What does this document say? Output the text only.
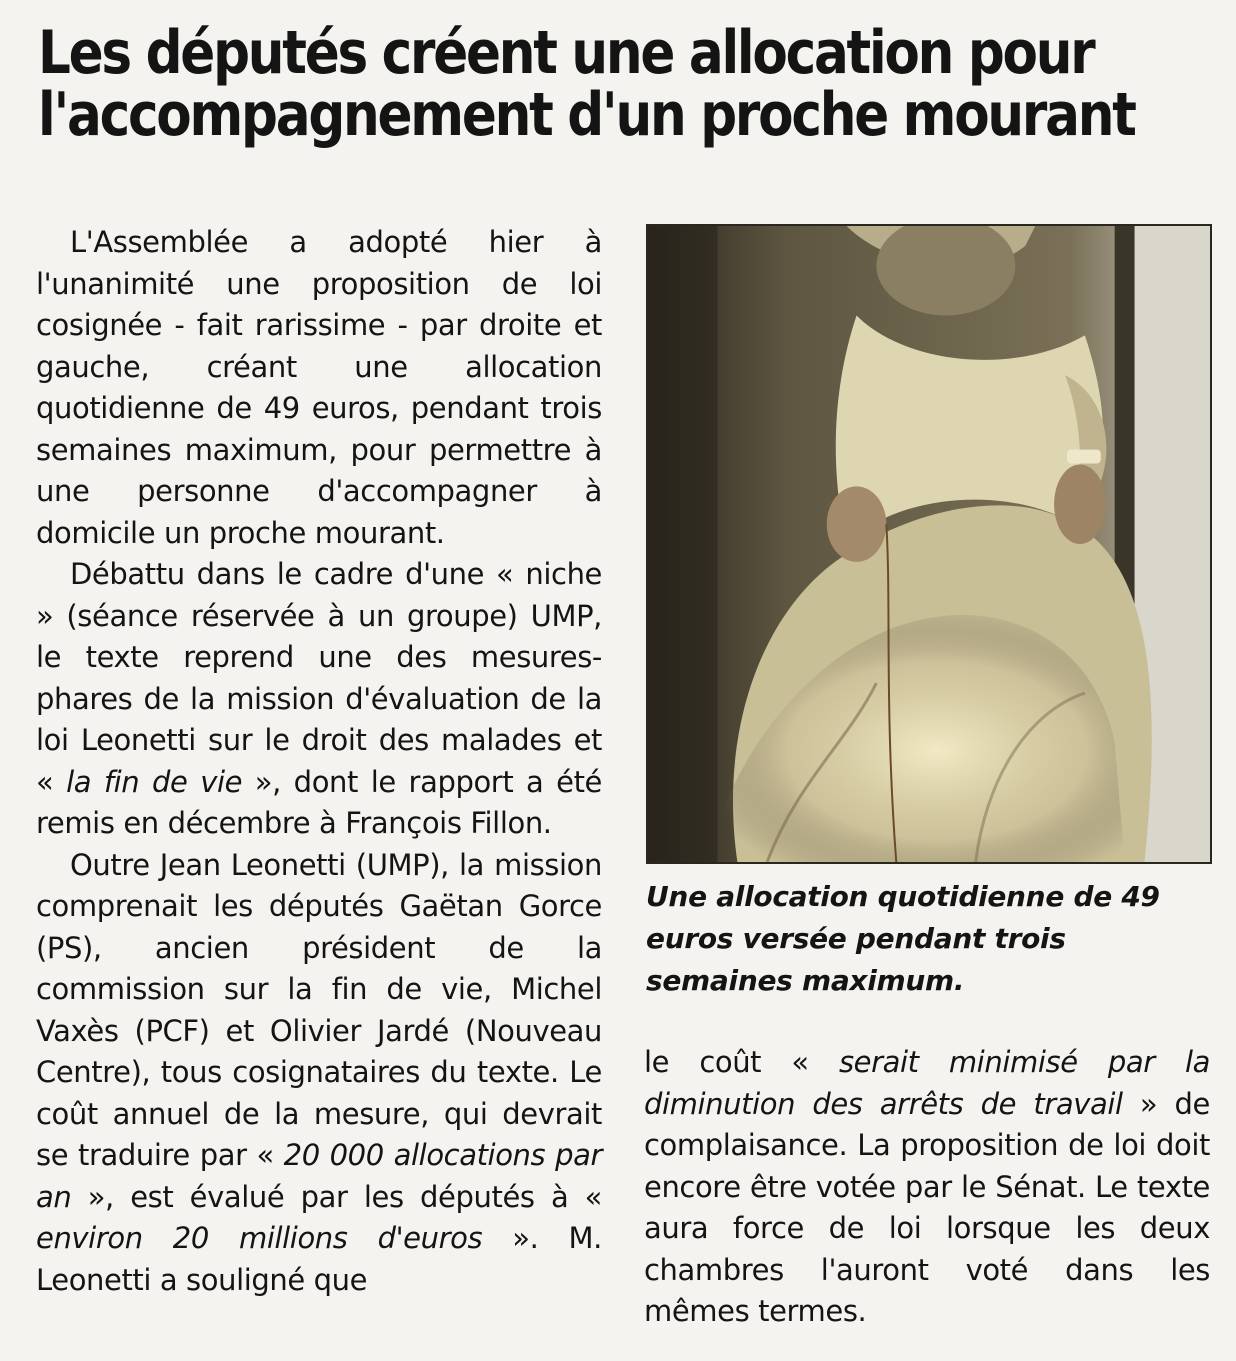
Les députés créent une allocation pour
l'accompagnement d'un proche mourant

L'Assemblée a adopté hier à l'unanimité une proposition de loi cosignée - fait rarissime - par droite et gauche, créant une allocation quotidienne de 49 euros, pendant trois semaines maximum, pour permettre à une personne d'accompagner à domicile un proche mourant.

Débattu dans le cadre d'une « niche » (séance réservée à un groupe) UMP, le texte reprend une des mesures-phares de la mission d'évaluation de la loi Leonetti sur le droit des malades et « la fin de vie », dont le rapport a été remis en décembre à François Fillon.

Outre Jean Leonetti (UMP), la mission comprenait les députés Gaëtan Gorce (PS), ancien président de la commission sur la fin de vie, Michel Vaxès (PCF) et Olivier Jardé (Nouveau Centre), tous cosignataires du texte. Le coût annuel de la mesure, qui devrait se traduire par « 20 000 allocations par an », est évalué par les députés à « environ 20 millions d'euros ». M. Leonetti a souligné que

Une allocation quotidienne de 49 euros versée pendant trois semaines maximum.

le coût « serait minimisé par la diminution des arrêts de travail » de complaisance. La proposition de loi doit encore être votée par le Sénat. Le texte aura force de loi lorsque les deux chambres l'auront voté dans les mêmes termes.
